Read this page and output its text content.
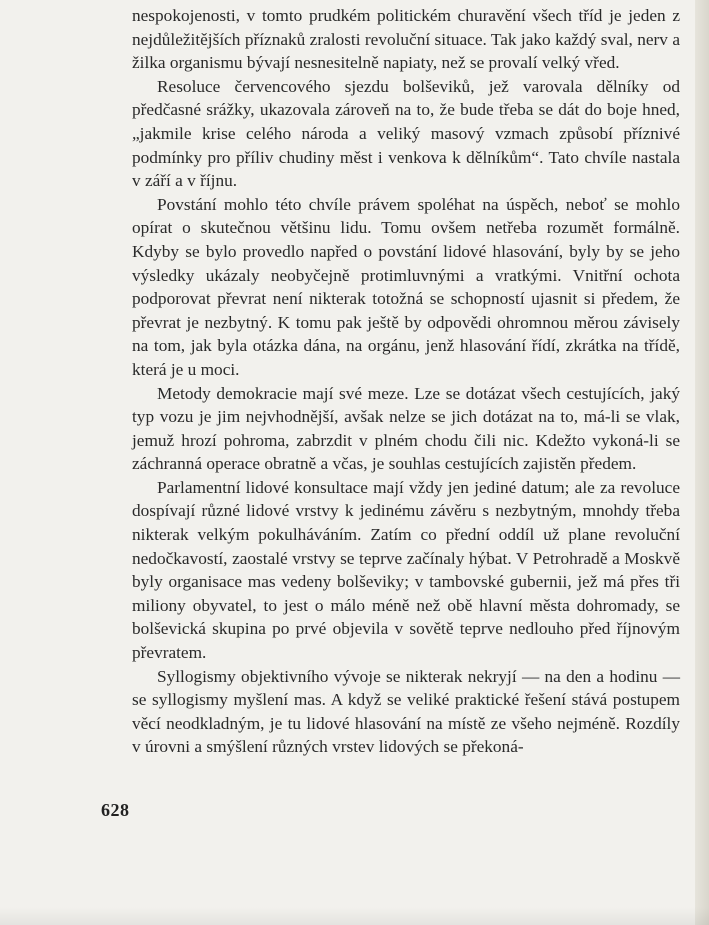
nespokojenosti, v tomto prudkém politickém churavění všech tříd je jeden z nejdůležitějších příznaků zralosti revoluční situace. Tak jako každý sval, nerv a žilka organismu bývají nesnesitelně napiaty, než se provalí velký vřed.

Resoluce červencového sjezdu bolševiků, jež varovala dělníky od předčasné srážky, ukazovala zároveň na to, že bude třeba se dát do boje hned, „jakmile krise celého národa a veliký masový vzmach způsobí příznivé podmínky pro příliv chudiny měst i venkova k dělníkům“. Tato chvíle nastala v září a v říjnu.

Povstání mohlo této chvíle právem spoléhat na úspěch, neboť se mohlo opírat o skutečnou většinu lidu. Tomu ovšem netřeba rozumět formálně. Kdyby se bylo provedlo napřed o povstání lidové hlasování, byly by se jeho výsledky ukázaly neobyčejně protimluvnými a vratkými. Vnitřní ochota podporovat převrat není nikterak totožná se schopností ujasnit si předem, že převrat je nezbytný. K tomu pak ještě by odpovědi ohromnou měrou závisely na tom, jak byla otázka dána, na orgánu, jenž hlasování řídí, zkrátka na třídě, která je u moci.

Metody demokracie mají své meze. Lze se dotázat všech cestujících, jaký typ vozu je jim nejvhodnější, avšak nelze se jich dotázat na to, má-li se vlak, jemuž hrozí pohroma, zabrzdit v plném chodu čili nic. Kdežto vykoná-li se záchranná operace obratně a včas, je souhlas cestujících zajistěn předem.

Parlamentní lidové konsultace mají vždy jen jediné datum; ale za revoluce dospívají různé lidové vrstvy k jedinému závěru s nezbytným, mnohdy třeba nikterak velkým pokulháváním. Zatím co přední oddíl už plane revoluční nedočkavostí, zaostalé vrstvy se teprve začínaly hýbat. V Petrohradě a Moskvě byly organisace mas vedeny bolševiky; v tambovské gubernii, jež má přes tři miliony obyvatel, to jest o málo méně než obě hlavní města dohromady, se bolševická skupina po prvé objevila v sovětě teprve nedlouho před říjnovým převratem.

Syllogismy objektivního vývoje se nikterak nekryjí — na den a hodinu — se syllogismy myšlení mas. A když se veliké praktické řešení stává postupem věcí neodkladným, je tu lidové hlasování na místě ze všeho nejméně. Rozdíly v úrovni a smýšlení různých vrstev lidových se překoná-

628
